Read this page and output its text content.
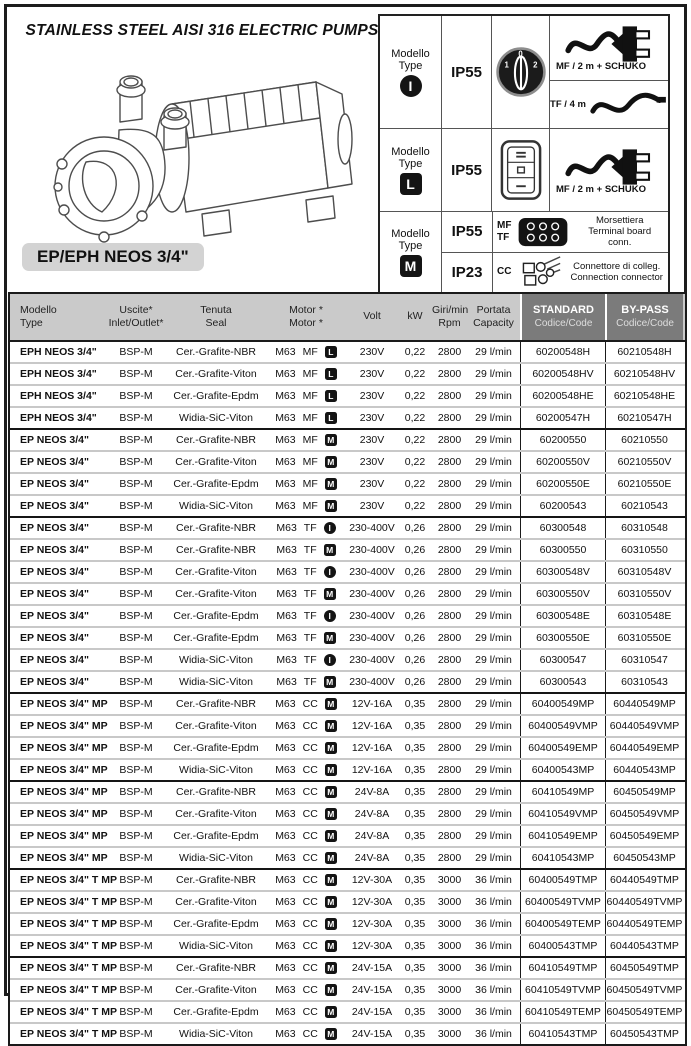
STAINLESS STEEL AISI 316 ELECTRIC PUMPS
EP/EPH NEOS 3/4"
Modello
Type
I
IP55	1
0
2	MF / 2 m + SCHUKO
TF / 4 m
Modello
Type
L
IP55
MF / 2 m + SCHUKO
Modello
Type
M
IP55	MF
TF
Morsettiera
Terminal board conn.
IP23	CC	Connettore di colleg.
Connection connector
Modello
Type
Uscite*
Inlet/Outlet*
Tenuta
Seal
Motor *
Motor *
Volt	kW
Giri/min
Rpm
Portata
Capacity
STANDARD
Codice/Code
BY-PASS
Codice/Code
EPH NEOS 3/4"	BSP-M	Cer.-Grafite-NBR	M63 MF	L	230V	0,22	2800	29 l/min	60200548H	60210548H
EPH NEOS 3/4"	BSP-M	Cer.-Grafite-Viton	M63 MF	L	230V	0,22	2800	29 l/min	60200548HV	60210548HV
EPH NEOS 3/4"	BSP-M	Cer.-Grafite-Epdm	M63 MF	L	230V	0,22	2800	29 l/min	60200548HE	60210548HE
EPH NEOS 3/4"	BSP-M	Widia-SiC-Viton	M63 MF	L	230V	0,22	2800	29 l/min	60200547H	60210547H
EP NEOS 3/4"	BSP-M	Cer.-Grafite-NBR	M63 MF M	230V	0,22	2800	29 l/min	60200550	60210550
EP NEOS 3/4"	BSP-M	Cer.-Grafite-Viton	M63 MF M	230V	0,22	2800	29 l/min	60200550V	60210550V
EP NEOS 3/4"	BSP-M	Cer.-Grafite-Epdm	M63 MF M	230V	0,22	2800	29 l/min	60200550E	60210550E
EP NEOS 3/4"	BSP-M	Widia-SiC-Viton	M63 MF M	230V	0,22	2800	29 l/min	60200543	60210543
EP NEOS 3/4"	BSP-M	Cer.-Grafite-NBR	M63 TF	I	230-400V 0,26	2800	29 l/min	60300548	60310548
EP NEOS 3/4"	BSP-M	Cer.-Grafite-NBR	M63 TF M	230-400V 0,26	2800	29 l/min	60300550	60310550
EP NEOS 3/4"	BSP-M	Cer.-Grafite-Viton	M63 TF	I	230-400V 0,26	2800	29 l/min	60300548V	60310548V
EP NEOS 3/4"	BSP-M	Cer.-Grafite-Viton	M63 TF M	230-400V 0,26	2800	29 l/min	60300550V	60310550V
EP NEOS 3/4"	BSP-M	Cer.-Grafite-Epdm	M63 TF	I	230-400V 0,26	2800	29 l/min	60300548E	60310548E
EP NEOS 3/4"	BSP-M	Cer.-Grafite-Epdm	M63 TF M	230-400V 0,26	2800	29 l/min	60300550E	60310550E
EP NEOS 3/4"	BSP-M	Widia-SiC-Viton	M63 TF	I	230-400V 0,26	2800	29 l/min	60300547	60310547
EP NEOS 3/4"	BSP-M	Widia-SiC-Viton	M63 TF M	230-400V 0,26	2800	29 l/min	60300543	60310543
EP NEOS 3/4" MP	BSP-M	Cer.-Grafite-NBR	M63 CC M	12V-16A	0,35	2800	29 l/min	60400549MP	60440549MP
EP NEOS 3/4" MP	BSP-M	Cer.-Grafite-Viton	M63 CC M	12V-16A	0,35	2800	29 l/min	60400549VMP	60440549VMP
EP NEOS 3/4" MP	BSP-M	Cer.-Grafite-Epdm	M63 CC M	12V-16A	0,35	2800	29 l/min	60400549EMP	60440549EMP
EP NEOS 3/4" MP	BSP-M	Widia-SiC-Viton	M63 CC M	12V-16A	0,35	2800	29 l/min	60400543MP	60440543MP
EP NEOS 3/4" MP	BSP-M	Cer.-Grafite-NBR	M63 CC M	24V-8A	0,35	2800	29 l/min	60410549MP	60450549MP
EP NEOS 3/4" MP	BSP-M	Cer.-Grafite-Viton	M63 CC M	24V-8A	0,35	2800	29 l/min	60410549VMP	60450549VMP
EP NEOS 3/4" MP	BSP-M	Cer.-Grafite-Epdm	M63 CC M	24V-8A	0,35	2800	29 l/min	60410549EMP	60450549EMP
EP NEOS 3/4" MP	BSP-M	Widia-SiC-Viton	M63 CC M	24V-8A	0,35	2800	29 l/min	60410543MP	60450543MP
EP NEOS 3/4" T MP BSP-M	Cer.-Grafite-NBR	M63 CC M	12V-30A	0,35	3000	36 l/min	60400549TMP	60440549TMP
EP NEOS 3/4" T MP BSP-M	Cer.-Grafite-Viton	M63 CC M	12V-30A	0,35	3000	36 l/min	60400549TVMP 60440549TVMP
EP NEOS 3/4" T MP BSP-M	Cer.-Grafite-Epdm	M63 CC M	12V-30A	0,35	3000	36 l/min	60400549TEMP 60440549TEMP
EP NEOS 3/4" T MP BSP-M	Widia-SiC-Viton	M63 CC M	12V-30A	0,35	3000	36 l/min	60400543TMP	60440543TMP
EP NEOS 3/4" T MP BSP-M	Cer.-Grafite-NBR	M63 CC M	24V-15A	0,35	3000	36 l/min	60410549TMP	60450549TMP
EP NEOS 3/4" T MP BSP-M	Cer.-Grafite-Viton	M63 CC M	24V-15A	0,35	3000	36 l/min	60410549TVMP 60450549TVMP
EP NEOS 3/4" T MP BSP-M	Cer.-Grafite-Epdm	M63 CC M	24V-15A	0,35	3000	36 l/min	60410549TEMP 60450549TEMP
EP NEOS 3/4" T MP BSP-M	Widia-SiC-Viton	M63 CC M	24V-15A	0,35	3000	36 l/min	60410543TMP	60450543TMP
